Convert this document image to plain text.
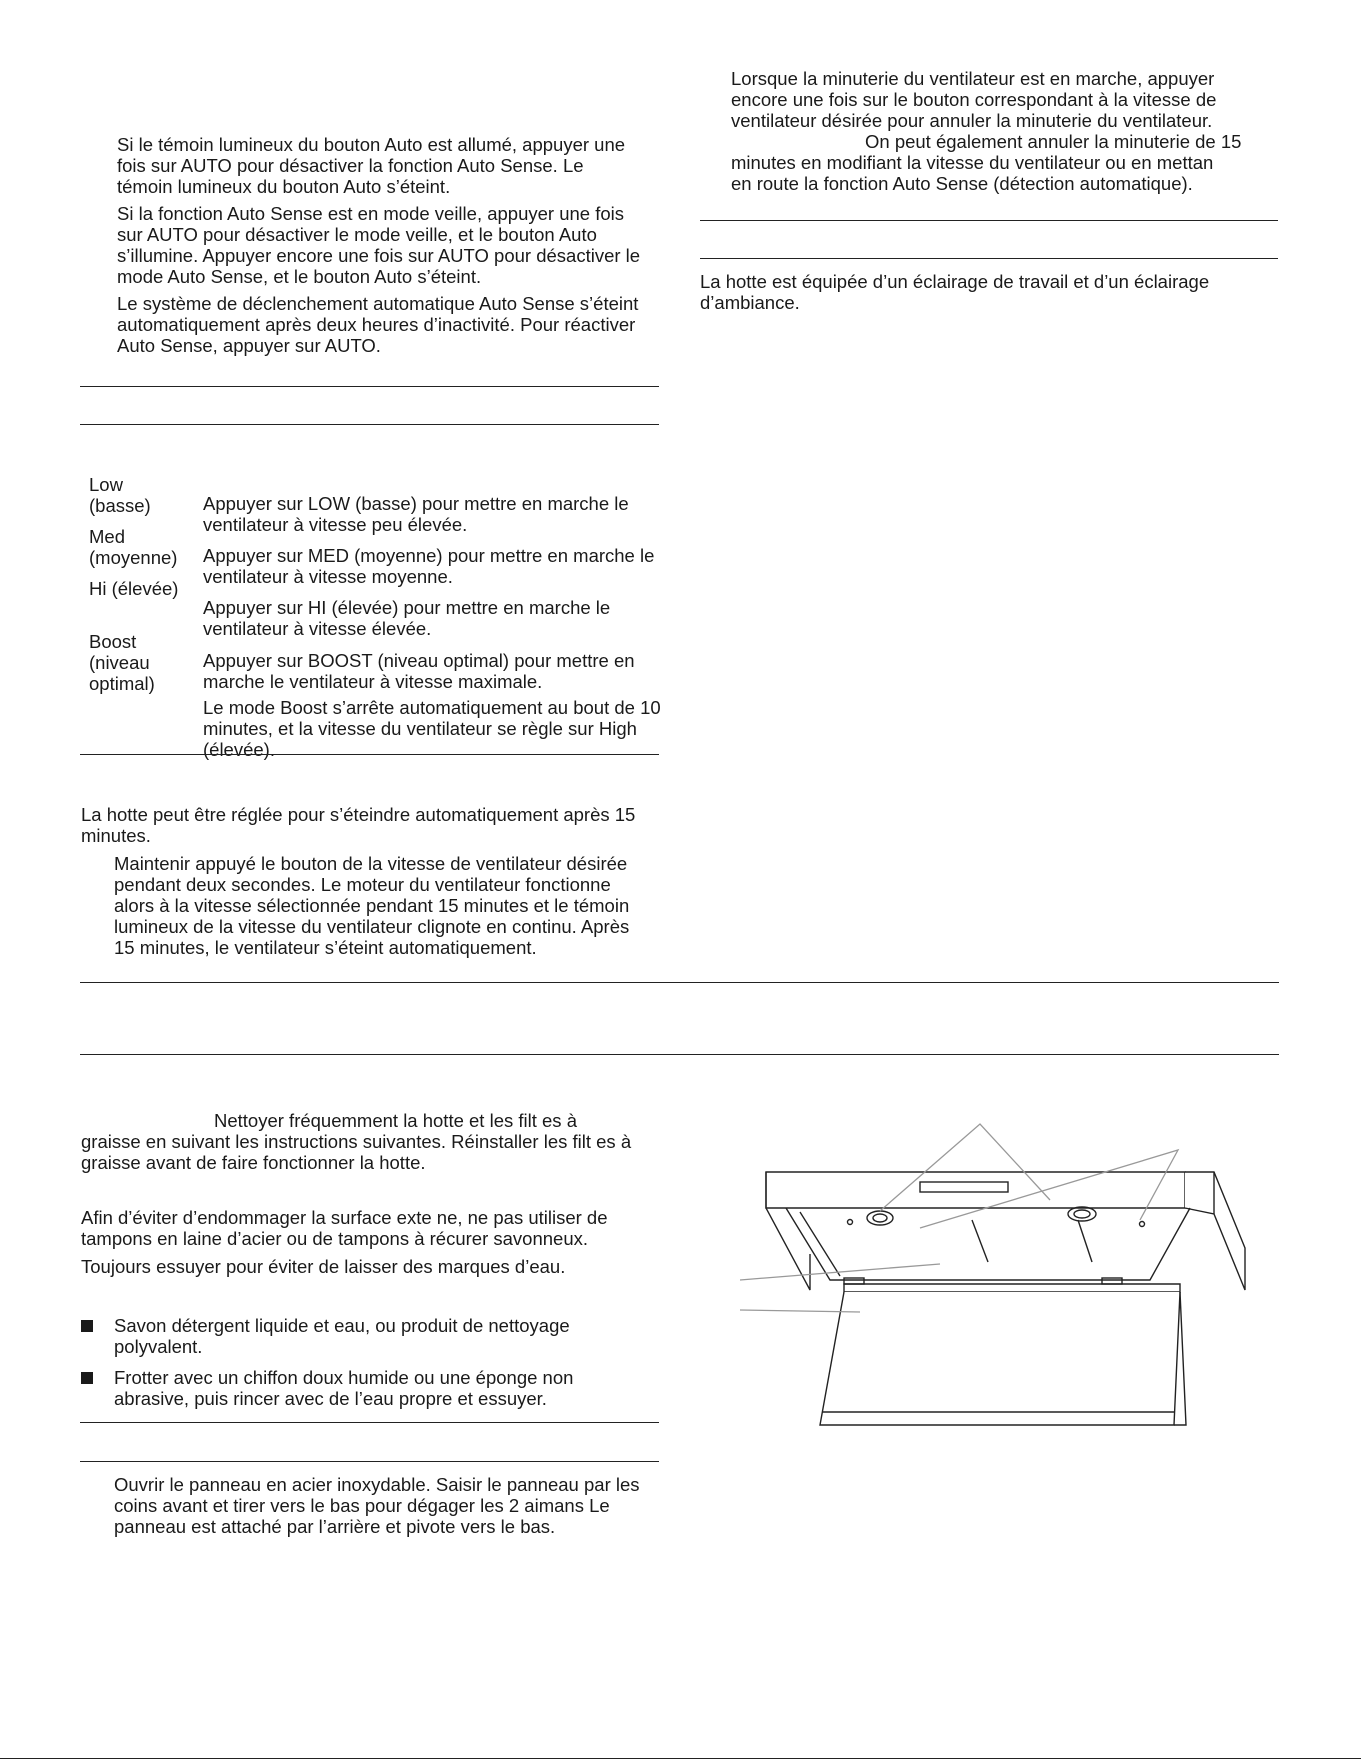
Lorsque la minuterie du ventilateur est en marche, appuyer encore une fois sur le bouton correspondant à la vitesse de ventilateur désirée pour annuler la minuterie du ventilateur.

On peut également annuler la minuterie de 15

minutes en modifiant la vitesse du ventilateur ou en mettan

en route la fonction Auto Sense (détection automatique).

La hotte est équipée d’un éclairage de travail et d’un éclairage d’ambiance.

Si le témoin lumineux du bouton Auto est allumé, appuyer une fois sur AUTO pour désactiver la fonction Auto Sense. Le témoin lumineux du bouton Auto s’éteint.

Si la fonction Auto Sense est en mode veille, appuyer une fois sur AUTO pour désactiver le mode veille, et le bouton Auto s’illumine. Appuyer encore une fois sur AUTO pour désactiver le mode Auto Sense, et le bouton Auto s’éteint.

Le système de déclenchement automatique Auto Sense s’éteint automatiquement après deux heures d’inactivité. Pour réactiver Auto Sense, appuyer sur AUTO.

Low
(basse)	Appuyer sur LOW (basse) pour mettre en marche le ventilateur à vitesse peu élevée.

Med
(moyenne)	Appuyer sur MED (moyenne) pour mettre en marche le ventilateur à vitesse moyenne.

Hi (élevée)

Appuyer sur HI (élevée) pour mettre en marche le ventilateur à vitesse élevée.

Boost
(niveau
optimal)

Appuyer sur BOOST (niveau optimal) pour mettre en marche le ventilateur à vitesse maximale.

Le mode Boost s’arrête automatiquement au bout de 10 minutes, et la vitesse du ventilateur se règle sur High (élevée).

La hotte peut être réglée pour s’éteindre automatiquement après 15 minutes.

Maintenir appuyé le bouton de la vitesse de ventilateur désirée pendant deux secondes. Le moteur du ventilateur fonctionne alors à la vitesse sélectionnée pendant 15 minutes et le témoin lumineux de la vitesse du ventilateur clignote en continu. Après 15 minutes, le ventilateur s’éteint automatiquement.

Nettoyer fréquemment la hotte et les filt es à

graisse en suivant les instructions suivantes. Réinstaller les filt es à graisse avant de faire fonctionner la hotte.

Afin d’éviter d’endommager la surface exte ne, ne pas utiliser de tampons en laine d’acier ou de tampons à récurer savonneux.

Toujours essuyer pour éviter de laisser des marques d’eau.

Savon détergent liquide et eau, ou produit de nettoyage polyvalent.

Frotter avec un chiffon doux humide ou une éponge non abrasive, puis rincer avec de l’eau propre et essuyer.

Ouvrir le panneau en acier inoxydable. Saisir le panneau par les coins avant et tirer vers le bas pour dégager les 2 aimans Le panneau est attaché par l’arrière et pivote vers le bas.
